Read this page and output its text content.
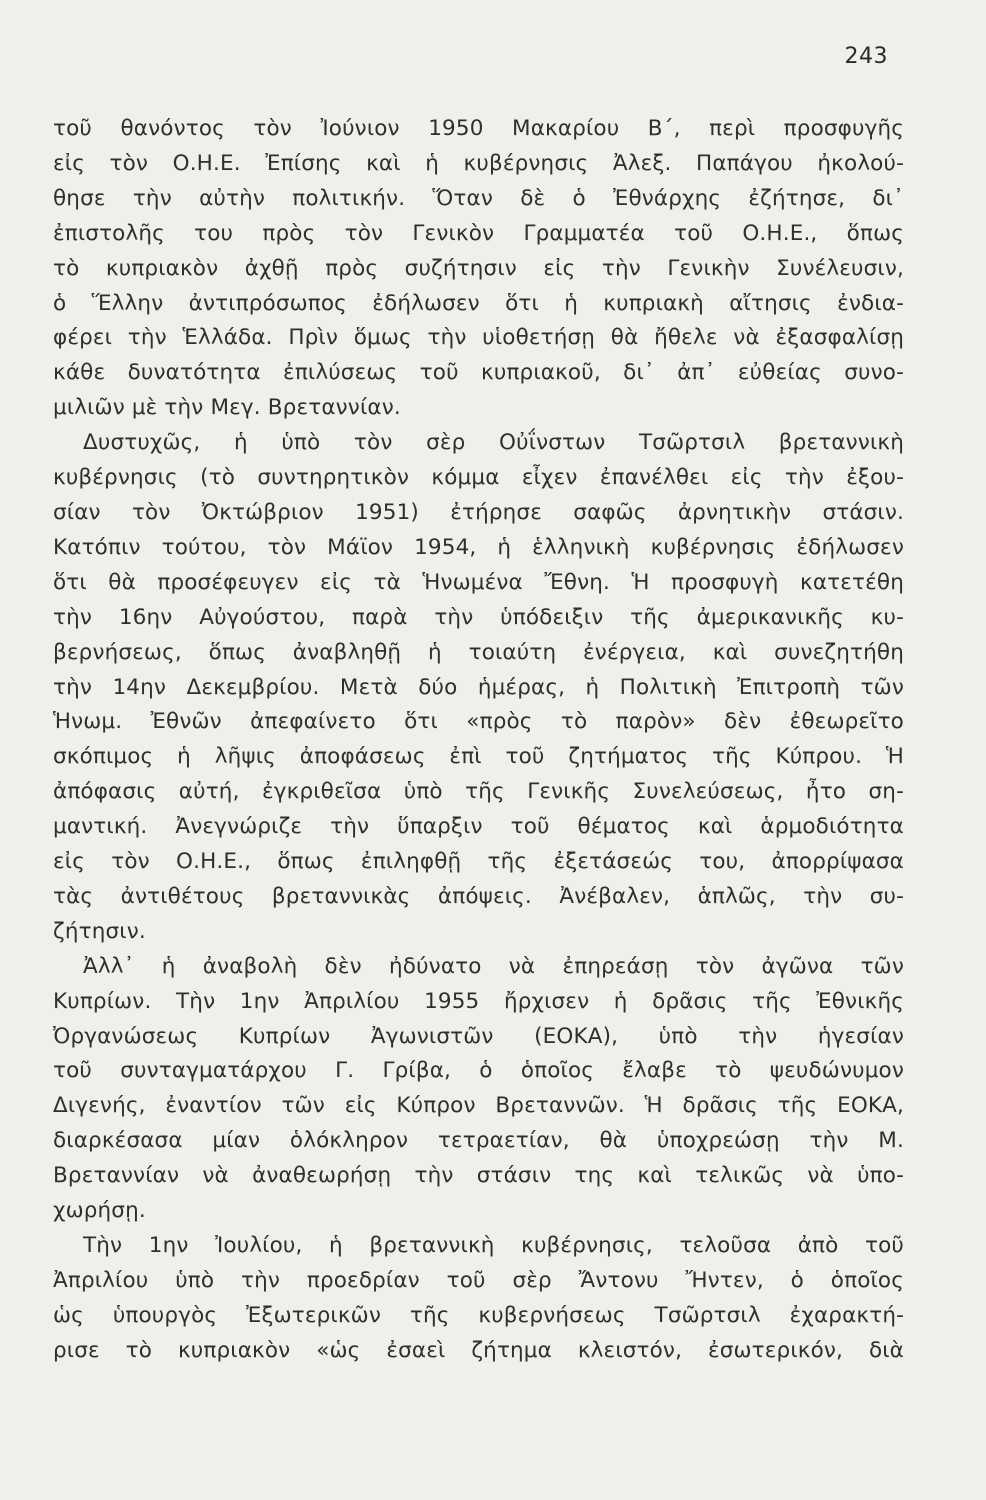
243
τοῦ θανόντος τὸν Ἰούνιον 1950 Μακαρίου Β΄, περὶ προσφυγῆς
εἰς τὸν Ο.Η.Ε. Ἐπίσης καὶ ἡ κυβέρνησις Ἀλεξ. Παπάγου ἠκολού-
θησε τὴν αὐτὴν πολιτικήν. Ὅταν δὲ ὁ Ἐθνάρχης ἐζήτησε, δι᾽
ἐπιστολῆς του πρὸς τὸν Γενικὸν Γραμματέα τοῦ Ο.Η.Ε., ὅπως
τὸ κυπριακὸν ἀχθῇ πρὸς συζήτησιν εἰς τὴν Γενικὴν Συνέλευσιν,
ὁ Ἕλλην ἀντιπρόσωπος ἐδήλωσεν ὅτι ἡ κυπριακὴ αἴτησις ἐνδια-
φέρει τὴν Ἑλλάδα. Πρὶν ὅμως τὴν υἱοθετήσῃ θὰ ἤθελε νὰ ἐξασφαλίσῃ
κάθε δυνατότητα ἐπιλύσεως τοῦ κυπριακοῦ, δι᾽ ἀπ᾽ εὐθείας συνο-
μιλιῶν μὲ τὴν Μεγ. Βρεταννίαν.
Δυστυχῶς, ἡ ὑπὸ τὸν σὲρ Οὐΐνστων Τσῶρτσιλ βρεταννικὴ
κυβέρνησις (τὸ συντηρητικὸν κόμμα εἶχεν ἐπανέλθει εἰς τὴν ἐξου-
σίαν τὸν Ὀκτώβριον 1951) ἐτήρησε σαφῶς ἀρνητικὴν στάσιν.
Κατόπιν τούτου, τὸν Μάϊον 1954, ἡ ἑλληνικὴ κυβέρνησις ἐδήλωσεν
ὅτι θὰ προσέφευγεν εἰς τὰ Ἡνωμένα Ἔθνη. Ἡ προσφυγὴ κατετέθη
τὴν 16ην Αὐγούστου, παρὰ τὴν ὑπόδειξιν τῆς ἀμερικανικῆς κυ-
βερνήσεως, ὅπως ἀναβληθῇ ἡ τοιαύτη ἐνέργεια, καὶ συνεζητήθη
τὴν 14ην Δεκεμβρίου. Μετὰ δύο ἡμέρας, ἡ Πολιτικὴ Ἐπιτροπὴ τῶν
Ἡνωμ. Ἐθνῶν ἀπεφαίνετο ὅτι «πρὸς τὸ παρὸν» δὲν ἐθεωρεῖτο
σκόπιμος ἡ λῆψις ἀποφάσεως ἐπὶ τοῦ ζητήματος τῆς Κύπρου. Ἡ
ἀπόφασις αὐτή, ἐγκριθεῖσα ὑπὸ τῆς Γενικῆς Συνελεύσεως, ἦτο ση-
μαντική. Ἀνεγνώριζε τὴν ὕπαρξιν τοῦ θέματος καὶ ἁρμοδιότητα
εἰς τὸν Ο.Η.Ε., ὅπως ἐπιληφθῇ τῆς ἐξετάσεώς του, ἀπορρίψασα
τὰς ἀντιθέτους βρεταννικὰς ἀπόψεις. Ἀνέβαλεν, ἁπλῶς, τὴν συ-
ζήτησιν.
Ἀλλ᾽ ἡ ἀναβολὴ δὲν ἠδύνατο νὰ ἐπηρεάσῃ τὸν ἀγῶνα τῶν
Κυπρίων. Τὴν 1ην Ἀπριλίου 1955 ἤρχισεν ἡ δρᾶσις τῆς Ἐθνικῆς
Ὀργανώσεως Κυπρίων Ἀγωνιστῶν (ΕΟΚΑ), ὑπὸ τὴν ἡγεσίαν
τοῦ συνταγματάρχου Γ. Γρίβα, ὁ ὁποῖος ἔλαβε τὸ ψευδώνυμον
Διγενής, ἐναντίον τῶν εἰς Κύπρον Βρεταννῶν. Ἡ δρᾶσις τῆς ΕΟΚΑ,
διαρκέσασα μίαν ὁλόκληρον τετραετίαν, θὰ ὑποχρεώσῃ τὴν Μ.
Βρεταννίαν νὰ ἀναθεωρήσῃ τὴν στάσιν της καὶ τελικῶς νὰ ὑπο-
χωρήσῃ.
Τὴν 1ην Ἰουλίου, ἡ βρεταννικὴ κυβέρνησις, τελοῦσα ἀπὸ τοῦ
Ἀπριλίου ὑπὸ τὴν προεδρίαν τοῦ σὲρ Ἄντονυ Ἤντεν, ὁ ὁποῖος
ὡς ὑπουργὸς Ἐξωτερικῶν τῆς κυβερνήσεως Τσῶρτσιλ ἐχαρακτή-
ρισε τὸ κυπριακὸν «ὡς ἐσαεὶ ζήτημα κλειστόν, ἐσωτερικόν, διὰ
